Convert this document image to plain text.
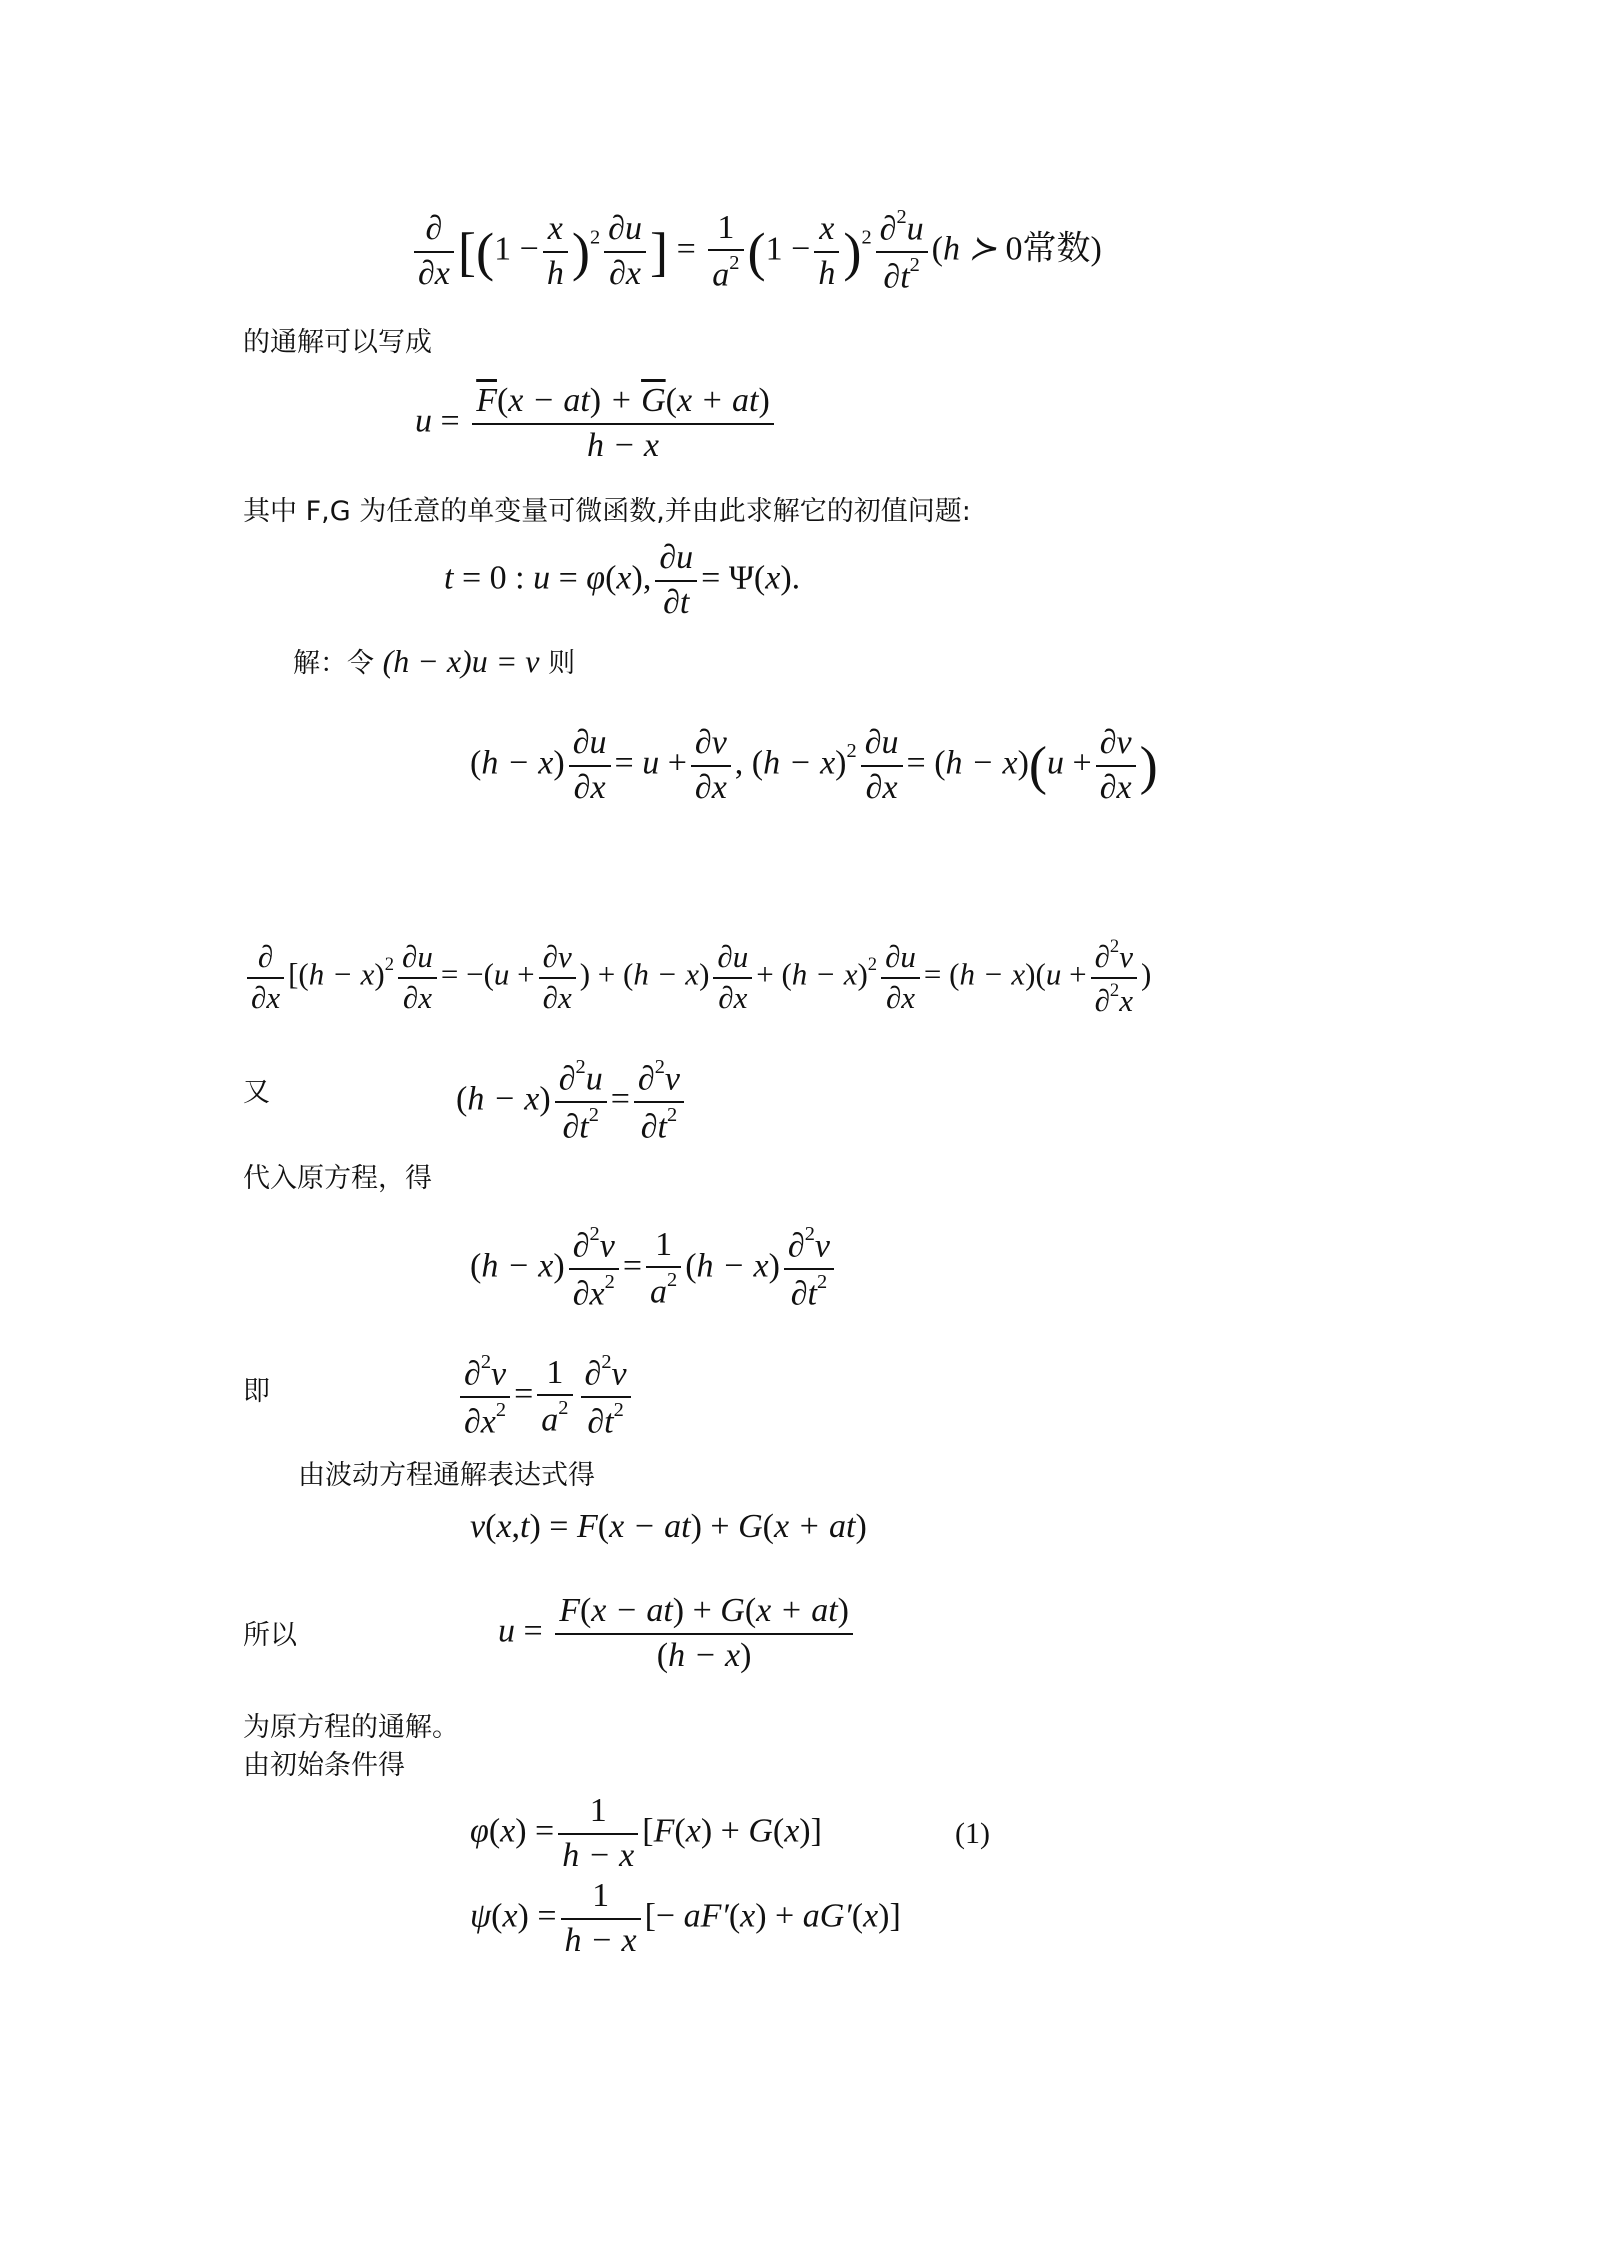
∂
∂x [$(1 - \frac{x}{h} )^2 \frac{\partial u}{\partial x}$ ] = $\frac{1}{a^2} (1 - \frac{x}{h} )^2 \frac{\partial^2u}{\partial t^2} (h$ ≻ 0常数)
的通解可以写成
$u = \frac{\overline{F}(x - at) + \overline{G}(x + at)}{h - x}$
其中 F,G 为任意的单变量可微函数,并由此求解它的初值问题:
t = 0 : u = φ(x), $\frac{\partial u}{\partial t} = \Psi(x)$.
解：令 (h − x)u = v 则
$(h - x) \frac{\partial u}{\partial x} = u + \frac{\partial v}{\partial x}$ , $(h - x)^2 \frac{\partial u}{\partial x} = (h - x)(u + \frac{\partial v}{\partial x}$ )
∂
∂x
[$(h - x)^2 \frac{\partial u}{\partial x} = -(u + \frac{\partial v}{\partial x}$ ) + $(h - x) \frac{\partial u}{\partial x} + (h - x)^2 \frac{\partial u}{\partial x} = (h - x)(u + \frac{\partial^2v}{\partial^2x}$ )
又	$(h - x) \frac{\partial^2u}{\partial t^2} = \frac{\partial^2v}{\partial t^2}$
代入原方程，得
$(h - x) \frac{\partial^2v}{\partial x^2} = \frac{1}{a^2} (h - x) \frac{\partial^2v}{\partial t^2}$
即	$\frac{\partial^2v}{\partial x^2} = \frac{1}{a^2} \frac{\partial^2v}{\partial t^2}$
由波动方程通解表达式得
v(x,t) = F(x − at) + G(x + at)
所以	$u = \frac{F(x - at) + G(x + at)}{(h - x)}$
为原方程的通解。
由初始条件得
$\varphi(x) = \frac{1}{h - x} [F(x) + G(x)]$	(1)
$\psi(x) = \frac{1}{h - x}$ [− aF′(x) + aG′(x)]
